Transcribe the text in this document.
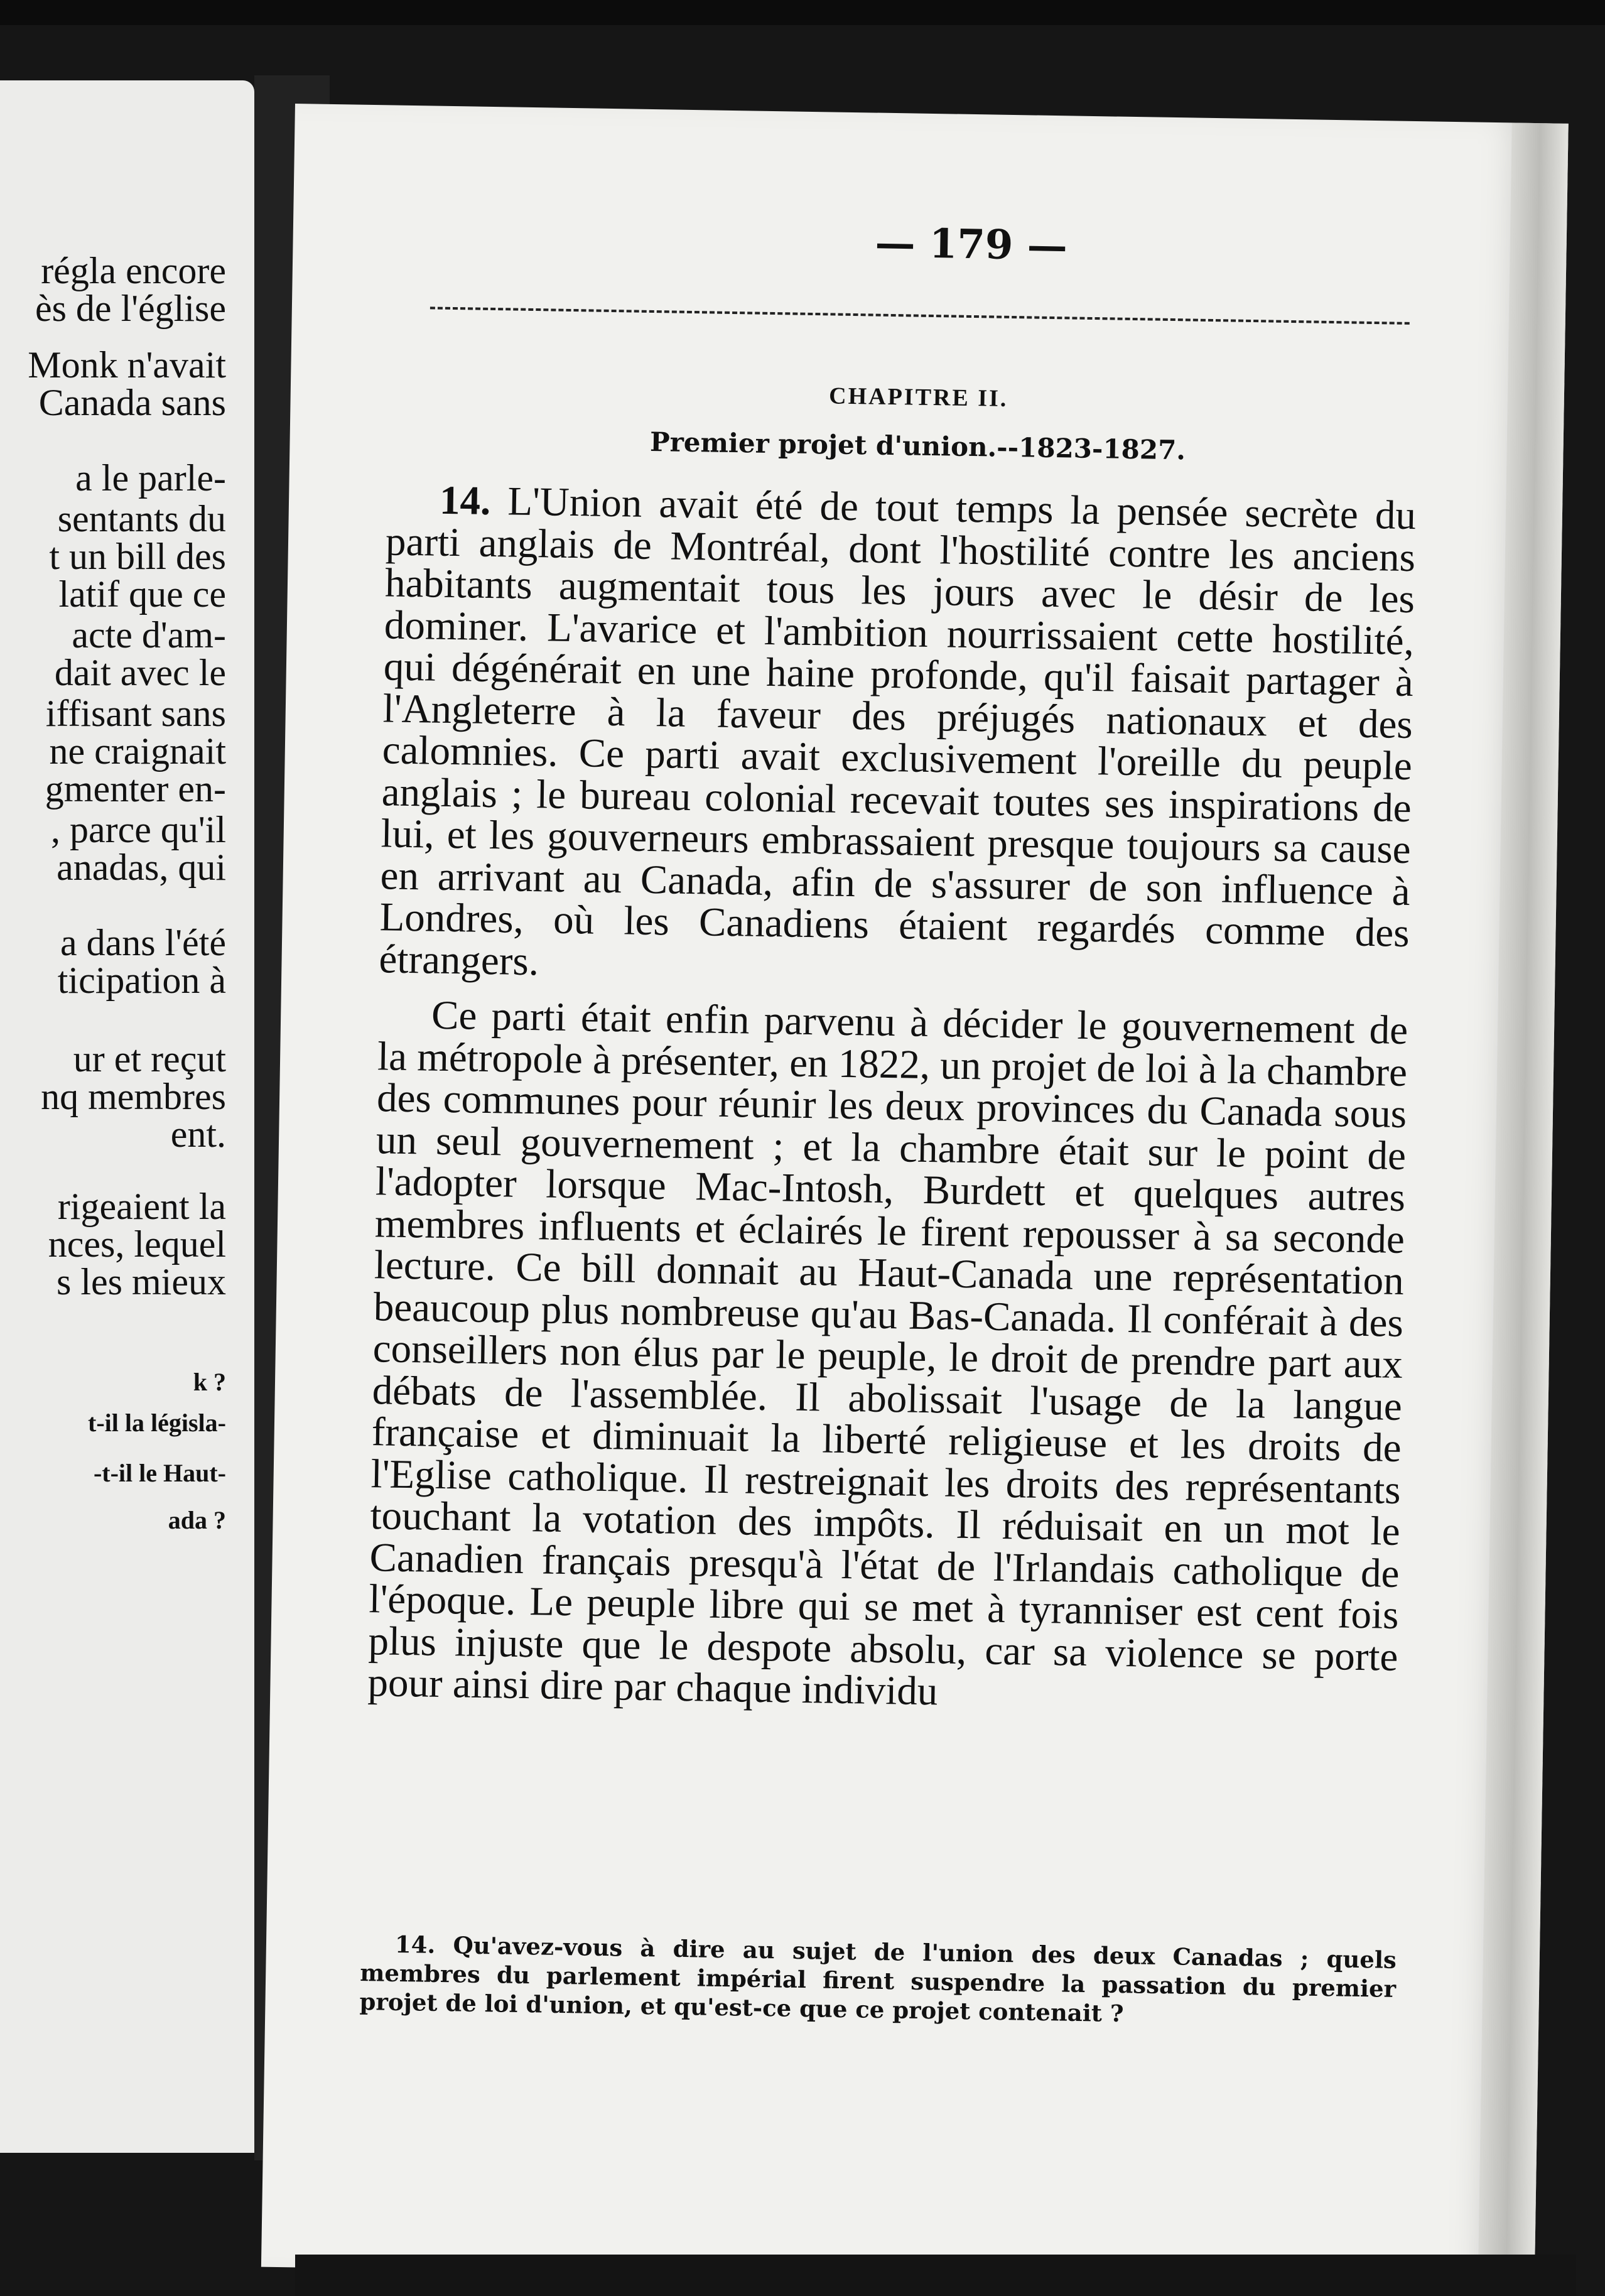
régla encore
ès de l'église
Monk n'avait
Canada sans
a le parle-
sentants du
t un bill des
latif que ce
acte d'am-
dait avec le
iffisant sans
ne craignait
gmenter en-
, parce qu'il
anadas, qui
a dans l'été
ticipation à
ur et reçut
nq membres
ent.
rigeaient la
nces, lequel
s les mieux
k ?
t-il la législa-
-t-il le Haut-
ada ?
— 179 —
CHAPITRE II.
Premier projet d'union.--1823-1827.

14. L'Union avait été de tout temps la pensée secrète du parti anglais de Montréal, dont l'hostilité contre les anciens habitants augmentait tous les jours avec le désir de les dominer. L'avarice et l'ambition nourrissaient cette hostilité, qui dégénérait en une haine profonde, qu'il faisait partager à l'Angleterre à la faveur des préjugés nationaux et des calomnies. Ce parti avait exclusivement l'oreille du peuple anglais ; le bureau colonial recevait toutes ses inspirations de lui, et les gouverneurs embrassaient presque toujours sa cause en arrivant au Canada, afin de s'assurer de son influence à Londres, où les Canadiens étaient regardés comme des étrangers.

Ce parti était enfin parvenu à décider le gouvernement de la métropole à présenter, en 1822, un projet de loi à la chambre des communes pour réunir les deux provinces du Canada sous un seul gouvernement ; et la chambre était sur le point de l'adopter lorsque Mac-Intosh, Burdett et quelques autres membres influents et éclairés le firent repousser à sa seconde lecture. Ce bill donnait au Haut-Canada une représentation beaucoup plus nombreuse qu'au Bas-Canada. Il conférait à des conseillers non élus par le peuple, le droit de prendre part aux débats de l'assemblée. Il abolissait l'usage de la langue française et diminuait la liberté religieuse et les droits de l'Eglise catholique. Il restreignait les droits des représentants touchant la votation des impôts. Il réduisait en un mot le Canadien français presqu'à l'état de l'Irlandais catholique de l'époque. Le peuple libre qui se met à tyranniser est cent fois plus injuste que le despote absolu, car sa violence se porte pour ainsi dire par chaque individu

14. Qu'avez-vous à dire au sujet de l'union des deux Canadas ; quels membres du parlement impérial firent suspendre la passation du premier projet de loi d'union, et qu'est-ce que ce projet contenait ?
